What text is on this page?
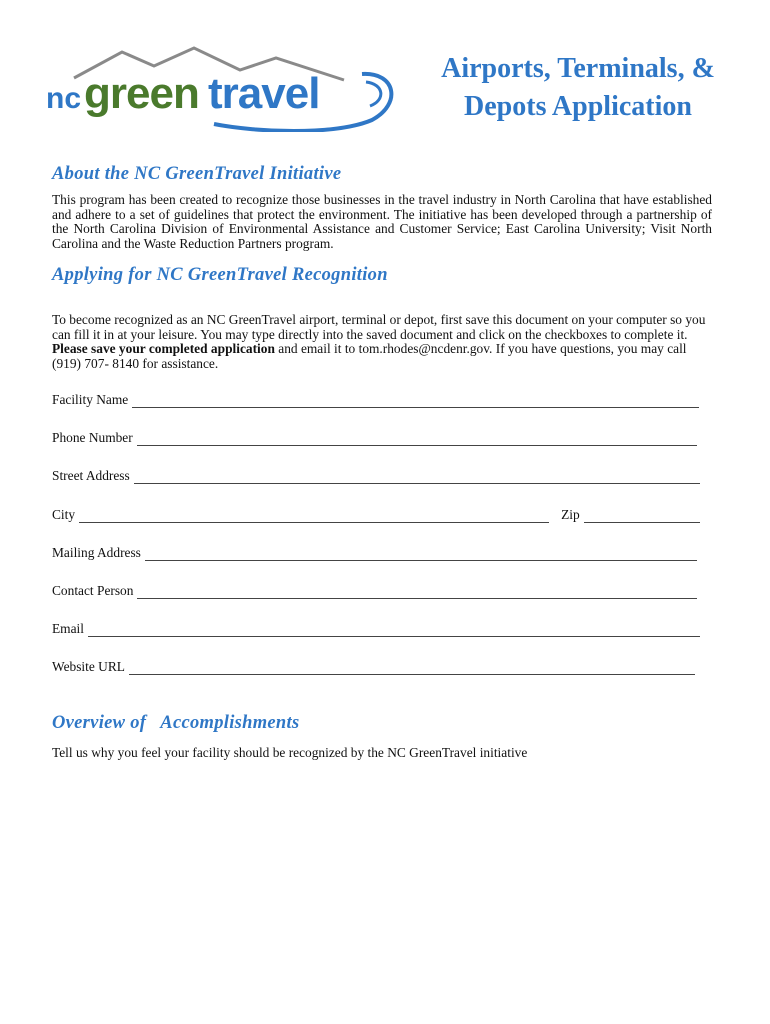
nc green travel
Airports, Terminals, &
Depots Application
About the NC GreenTravel Initiative
This program has been created to recognize those businesses in the travel industry in North Carolina that have established and adhere to a set of guidelines that protect the environment. The initiative has been developed through a partnership of the North Carolina Division of Environmental Assistance and Customer Service; East Carolina University; Visit North Carolina and the Waste Reduction Partners program.
Applying for NC GreenTravel Recognition
To become recognized as an NC GreenTravel airport, terminal or depot, first save this document on your computer so you can fill it in at your leisure. You may type directly into the saved document and click on the checkboxes to complete it. Please save your completed application and email it to tom.rhodes@ncdenr.gov. If you have questions, you may call (919) 707- 8140 for assistance.
Facility Name
Phone Number
Street Address
City	Zip
Mailing Address
Contact Person
Email
Website URL
Overview of   Accomplishments
Tell us why you feel your facility should be recognized by the NC GreenTravel initiative
